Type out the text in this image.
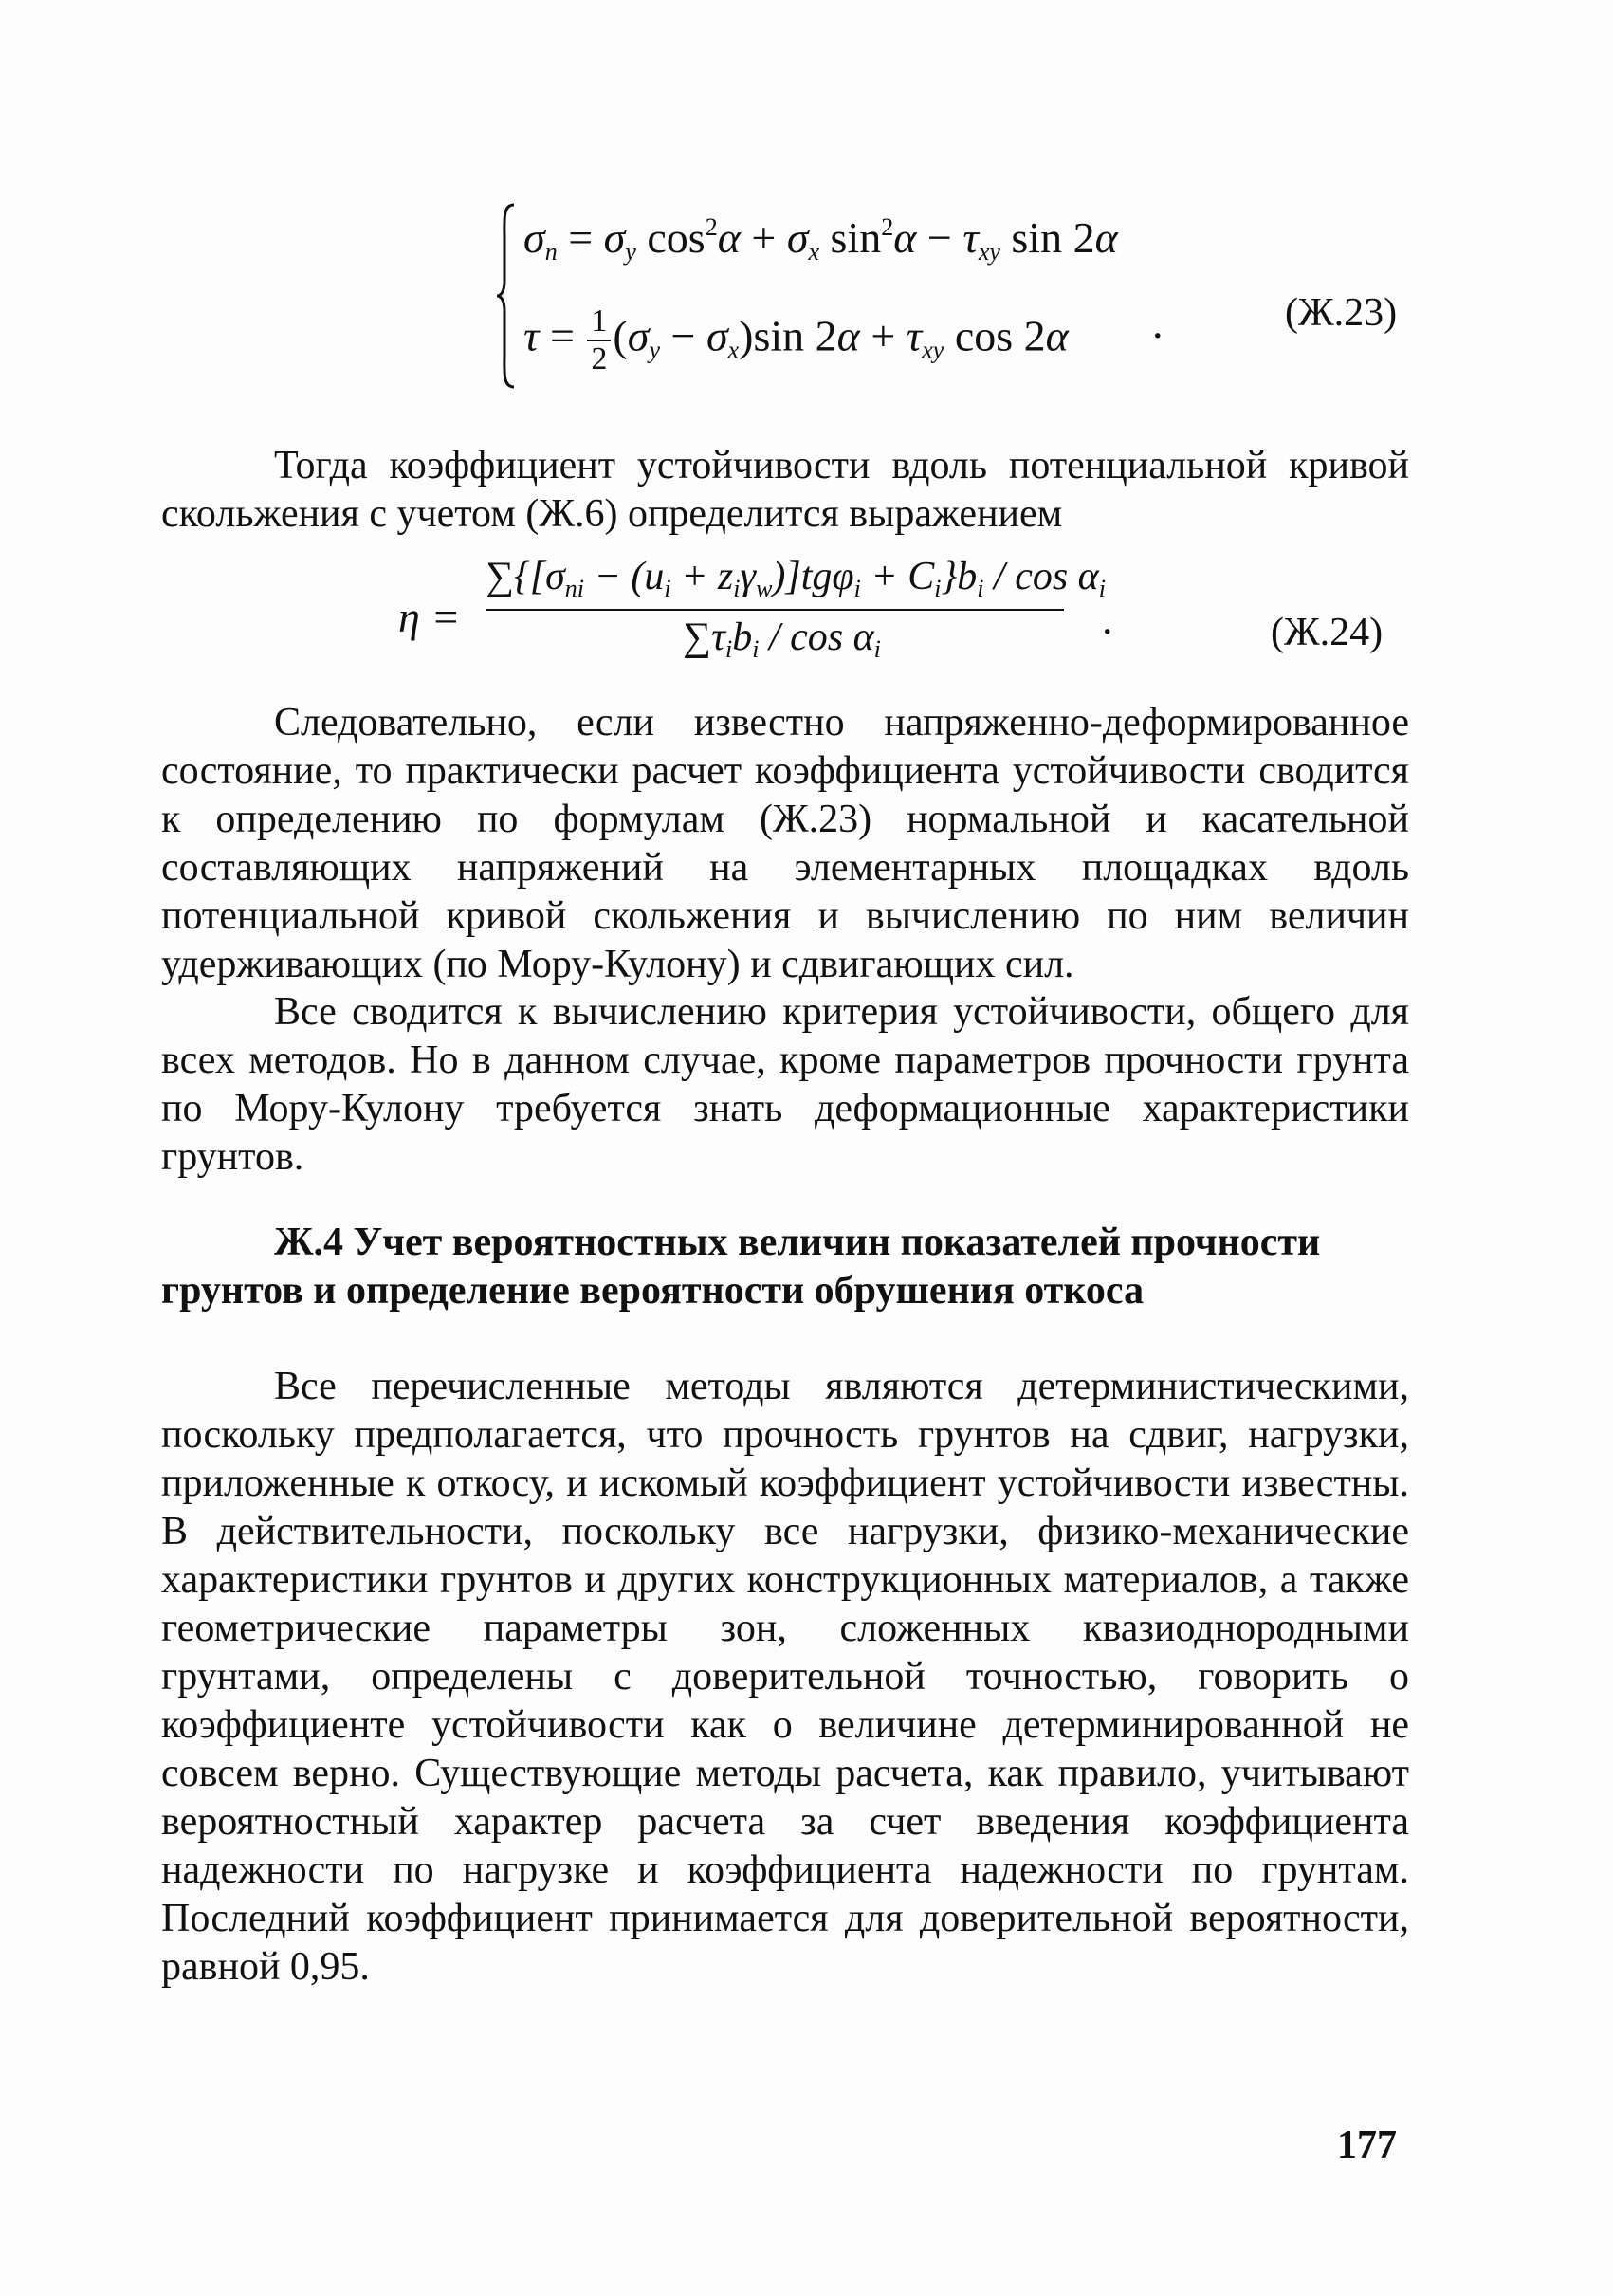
$\sigma_n = \sigma_y$ $\cos^2\alpha + \sigma_x$ $\sin^2\alpha - \tau_{xy}$ sin 2α
$\tau = \frac{1}{2} (\sigma_y - \sigma_x)\sin$ $2\alpha + \tau_{xy}$ cos 2α .	(Ж.23)
Тогда коэффициент устойчивости вдоль потенциальной кривой скольжения с учетом (Ж.6) определится выражением
η =
$\sum\{[\sigma_{ni} - (u_i + z_i\gamma_w)]tg\varphi_i + C_i\}b_i / \cos \alpha_i$
$\sum\tau_ib_i$ / $\cos \alpha_i$
.	(Ж.24)
Следовательно, если известно напряженно-деформированное состояние, то практически расчет коэффициента устойчивости сводится к определению по формулам (Ж.23) нормальной и касательной составляющих напряжений на элементарных площадках вдоль потенциальной кривой скольжения и вычислению по ним величин удерживающих (по Мору-Кулону) и сдвигающих сил.
Все сводится к вычислению критерия устойчивости, общего для всех методов. Но в данном случае, кроме параметров прочности грунта по Мору-Кулону требуется знать деформационные характеристики грунтов.
Ж.4 Учет вероятностных величин показателей прочности грунтов и определение вероятности обрушения откоса
Все перечисленные методы являются детерминистическими, поскольку предполагается, что прочность грунтов на сдвиг, нагрузки, приложенные к откосу, и искомый коэффициент устойчивости известны. В действительности, поскольку все нагрузки, физико-механические характеристики грунтов и других конструкционных материалов, а также геометрические параметры зон, сложенных квазиоднородными грунтами, определены с доверительной точностью, говорить о коэффициенте устойчивости как о величине детерминированной не совсем верно. Существующие методы расчета, как правило, учитывают вероятностный характер расчета за счет введения коэффициента надежности по нагрузке и коэффициента надежности по грунтам. Последний коэффициент принимается для доверительной вероятности, равной 0,95.
177
